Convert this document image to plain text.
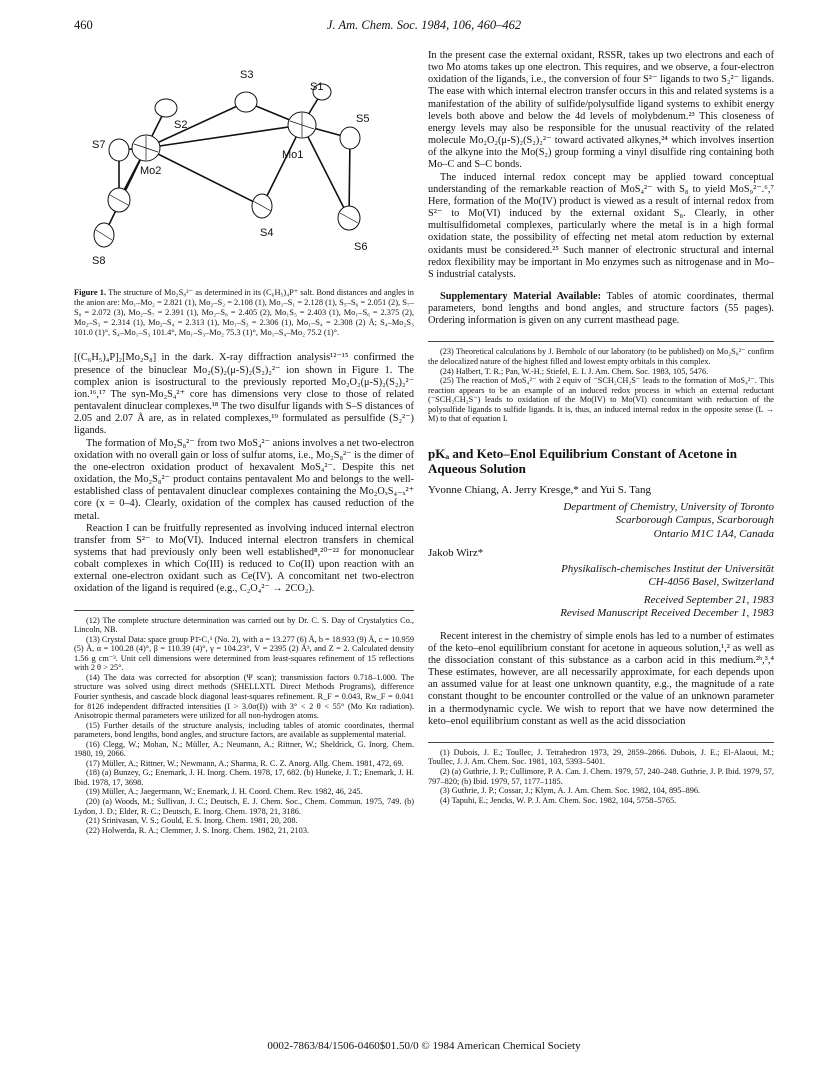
460	J. Am. Chem. Soc. 1984, 106, 460–462
S3
S2
S7
S1
S5
Mo2
Mo1
S8
S4
S6
Figure 1. The structure of Mo₂S₈²⁻ as determined in its (C₆H₅)₄P⁺ salt. Bond distances and angles in the anion are: Mo₁–Mo₂ = 2.821 (1), Mo₂–S₂ = 2.108 (1), Mo₁–S₁ = 2.128 (1), S₅–S₆ = 2.051 (2), S₇–S₈ = 2.072 (3), Mo₂–S₇ = 2.391 (1), Mo₂–S₈ = 2.405 (2), Mo₁S₅ = 2.403 (1), Mo₁–S₆ = 2.375 (2), Mo₂–S₃ = 2.314 (1), Mo₂–S₄ = 2.313 (1), Mo₁–S₃ = 2.306 (1), Mo₁–S₄ = 2.308 (2) Å; S₄–Mo₂S₃ 101.0 (1)°, S₄–Mo₁–S₃ 101.4°, Mo₁–S₃–Mo₂ 75.3 (1)°, Mo₁–S₄–Mo₂ 75.2 (1)°.

[(C₆H₅)₄P]₂[Mo₂S₈] in the dark. X-ray diffraction analysis¹²⁻¹⁵ confirmed the presence of the binuclear Mo₂(S)₂(μ-S)₂(S₂)₂²⁻ ion shown in Figure 1. The complex anion is isostructural to the previously reported Mo₂O₂(μ-S)₂(S₂)₂²⁻ ion.¹⁶,¹⁷ The syn-Mo₂S₄²⁺ core has dimensions very close to those of related pentavalent dinuclear complexes.¹⁸ The two disulfur ligands with S–S distances of 2.05 and 2.07 Å are, as in related complexes,¹⁹ formulated as persulfide (S₂²⁻) ligands.

The formation of Mo₂S₈²⁻ from two MoS₄²⁻ anions involves a net two-electron oxidation with no overall gain or loss of sulfur atoms, i.e., Mo₂S₈²⁻ is the dimer of the one-electron oxidation product of hexavalent MoS₄²⁻. Despite this net oxidation, the Mo₂S₈²⁻ product contains pentavalent Mo and belongs to the well-established class of pentavalent dinuclear complexes containing the Mo₂OₓS₄₋ₓ²⁺ core (x = 0–4). Clearly, oxidation of the complex has caused reduction of the metal.

Reaction I can be fruitfully represented as involving induced internal electron transfer from S²⁻ to Mo(VI). Induced internal electron transfers in chemical systems that had previously only been well established⁸,²⁰⁻²² for mononuclear cobalt complexes in which Co(III) is reduced to Co(II) upon reaction with an external one-electron oxidant such as Ce(IV). A concomitant net two-electron oxidation of the ligand is required (e.g., C₂O₄²⁻ → 2CO₂).

(12) The complete structure determination was carried out by Dr. C. S. Day of Crystalytics Co., Lincoln, NB.

(13) Crystal Data: space group P1̄-C₁¹ (No. 2), with a = 13.277 (6) Å, b = 18.933 (9) Å, c = 10.959 (5) Å, α = 100.28 (4)°, β = 110.39 (4)°, γ = 104.23°, V = 2395 (2) Å³, and Z = 2. Calculated density 1.56 g cm⁻³. Unit cell dimensions were determined from least-squares refinement of 15 reflections with 2 θ > 25°.

(14) The data was corrected for absorption (Ψ scan); transmission factors 0.718–1.000. The structure was solved using direct methods (SHELLXTL Direct Methods Programs), difference Fourier synthesis, and cascade block diagonal least-squares refinement. R_F = 0.043, Rw_F = 0.041 for 8126 independent diffracted intensities (I > 3.0σ(I)) with 3° < 2 θ < 55° (Mo Kα radiation). Anisotropic thermal parameters were utilized for all non-hydrogen atoms.

(15) Further details of the structure analysis, including tables of atomic coordinates, thermal parameters, bond lengths, bond angles, and structure factors, are available as supplemental material.

(16) Clegg, W.; Mohan, N.; Müller, A.; Neumann, A.; Rittner, W.; Sheldrick, G. Inorg. Chem. 1980, 19, 2066.

(17) Müller, A.; Rittner, W.; Newmann, A.; Sharma, R. C. Z. Anorg. Allg. Chem. 1981, 472, 69.

(18) (a) Bunzey, G.; Enemark, J. H. Inorg. Chem. 1978, 17, 682. (b) Huneke, J. T.; Enemark, J. H. Ibid. 1978, 17, 3698.

(19) Müller, A.; Jaegermann, W.; Enemark, J. H. Coord. Chem. Rev. 1982, 46, 245.

(20) (a) Woods, M.; Sullivan, J. C.; Deutsch, E. J. Chem. Soc., Chem. Commun. 1975, 749. (b) Lydon, J. D.; Elder, R. C.; Deutsch, E. Inorg. Chem. 1978, 21, 3186.

(21) Srinivasan, V. S.; Gould, E. S. Inorg. Chem. 1981, 20, 208.

(22) Holwerda, R. A.; Clemmer, J. S. Inorg. Chem. 1982, 21, 2103.

In the present case the external oxidant, RSSR, takes up two electrons and each of two Mo atoms takes up one electron. This requires, and we observe, a four-electron oxidation of the ligands, i.e., the conversion of four S²⁻ ligands to two S₂²⁻ ligands. The ease with which internal electron transfer occurs in this and related systems is a manifestation of the ability of sulfide/polysulfide ligand systems to exhibit energy levels both above and below the 4d levels of molybdenum.²³ This closeness of energy levels may also be responsible for the unusual reactivity of the related molecule Mo₂O₂(μ-S)₂(S₂)₂²⁻ toward activated alkynes,²⁴ which involves insertion of the alkyne into the Mo(S₂) group forming a vinyl disulfide ring containing both Mo–C and S–C bonds.

The induced internal redox concept may be applied toward conceptual understanding of the remarkable reaction of MoS₄²⁻ with S₈ to yield MoS₉²⁻.⁶,⁷ Here, formation of the Mo(IV) product is viewed as a result of internal redox from S²⁻ to Mo(VI) induced by the external oxidant S₈. Clearly, in other multisulfidometal complexes, particularly where the metal is in a high formal oxidation state, the possibility of effecting net metal atom reduction by external oxidants must be considered.²⁵ Such manner of electronic structural and internal redox flexibility may be important in Mo enzymes such as nitrogenase and in Mo–S industrial catalysts.

Supplementary Material Available: Tables of atomic coordinates, thermal parameters, bond lengths and bond angles, and structure factors (55 pages). Ordering information is given on any current masthead page.

(23) Theoretical calculations by J. Bernholc of our laboratory (to be published) on Mo₂S₈²⁻ confirm the delocalized nature of the highest filled and lowest empty orbitals in this complex.

(24) Halbert, T. R.; Pan, W.-H.; Stiefel, E. I. J. Am. Chem. Soc. 1983, 105, 5476.

(25) The reaction of MoS₄²⁻ with 2 equiv of ⁻SCH₂CH₂S⁻ leads to the formation of MoS₄²⁻. This reaction appears to be an example of an induced redox process in which an external reductant (⁻SCH₂CH₂S⁻) leads to oxidation of the Mo(IV) to Mo(VI) concomitant with reduction of the polysulfide ligands to sulfide ligands. It is, thus, an induced internal redox in the opposite sense (L → M) to that of equation I.

pKₐ and Keto–Enol Equilibrium Constant of Acetone in Aqueous Solution
Yvonne Chiang, A. Jerry Kresge,* and Yui S. Tang
Department of Chemistry, University of Toronto
Scarborough Campus, Scarborough
Ontario M1C 1A4, Canada
Jakob Wirz*
Physikalisch-chemisches Institut der Universität
CH-4056 Basel, Switzerland
Received September 21, 1983
Revised Manuscript Received December 1, 1983

Recent interest in the chemistry of simple enols has led to a number of estimates of the keto–enol equilibrium constant for acetone in aqueous solution,¹,² as well as the dissociation constant of this substance as a carbon acid in this medium.²ᵇ,³,⁴ These estimates, however, are all necessarily approximate, for each depends upon an assumed value for at least one unknown quantity, e.g., the magnitude of a rate constant thought to be encounter controlled or the value of an unknown parameter in a thermodynamic cycle. We wish to report that we have now determined the keto–enol equilibrium constant as well as the acid dissociation

(1) Dubois, J. E.; Toullec, J. Tetrahedron 1973, 29, 2859–2866. Dubois, J. E.; El-Alaoui, M.; Toullec, J. J. Am. Chem. Soc. 1981, 103, 5393–5401.

(2) (a) Guthrie, J. P.; Cullimore, P. A. Can. J. Chem. 1979, 57, 240–248. Guthrie, J. P. Ibid. 1979, 57, 797–820; (b) Ibid. 1979, 57, 1177–1185.

(3) Guthrie, J. P.; Cossar, J.; Klym, A. J. Am. Chem. Soc. 1982, 104, 895–896.

(4) Tapuhi, E.; Jencks, W. P. J. Am. Chem. Soc. 1982, 104, 5758–5765.

0002-7863/84/1506-0460$01.50/0 © 1984 American Chemical Society
